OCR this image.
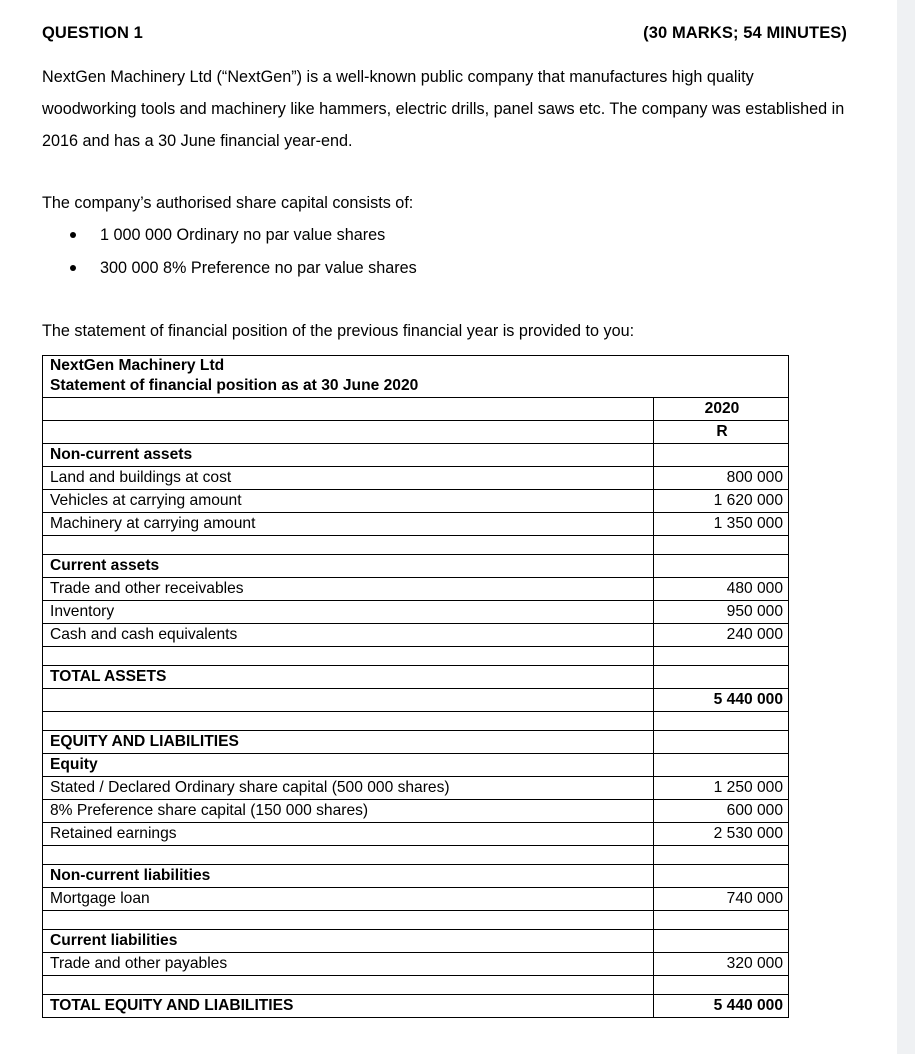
QUESTION 1	(30 MARKS; 54 MINUTES)

NextGen Machinery Ltd (“NextGen”) is a well-known public company that manufactures high quality woodworking tools and machinery like hammers, electric drills, panel saws etc. The company was established in 2016 and has a 30 June financial year-end.

The company’s authorised share capital consists of:

1 000 000 Ordinary no par value shares
300 000 8% Preference no par value shares

The statement of financial position of the previous financial year is provided to you:

NextGen Machinery Ltd
Statement of financial position as at 30 June 2020	

	2020
	R
Non-current assets	
Land and buildings at cost	800 000
Vehicles at carrying amount	1 620 000
Machinery at carrying amount	1 350 000

Current assets	
Trade and other receivables	480 000
Inventory	950 000
Cash and cash equivalents	240 000

TOTAL ASSETS	
	5 440 000

EQUITY AND LIABILITIES	
Equity	
Stated / Declared Ordinary share capital (500 000 shares)	1 250 000
8% Preference share capital (150 000 shares)	600 000
Retained earnings	2 530 000

Non-current liabilities	
Mortgage loan	740 000

Current liabilities	
Trade and other payables	320 000

TOTAL EQUITY AND LIABILITIES	5 440 000
